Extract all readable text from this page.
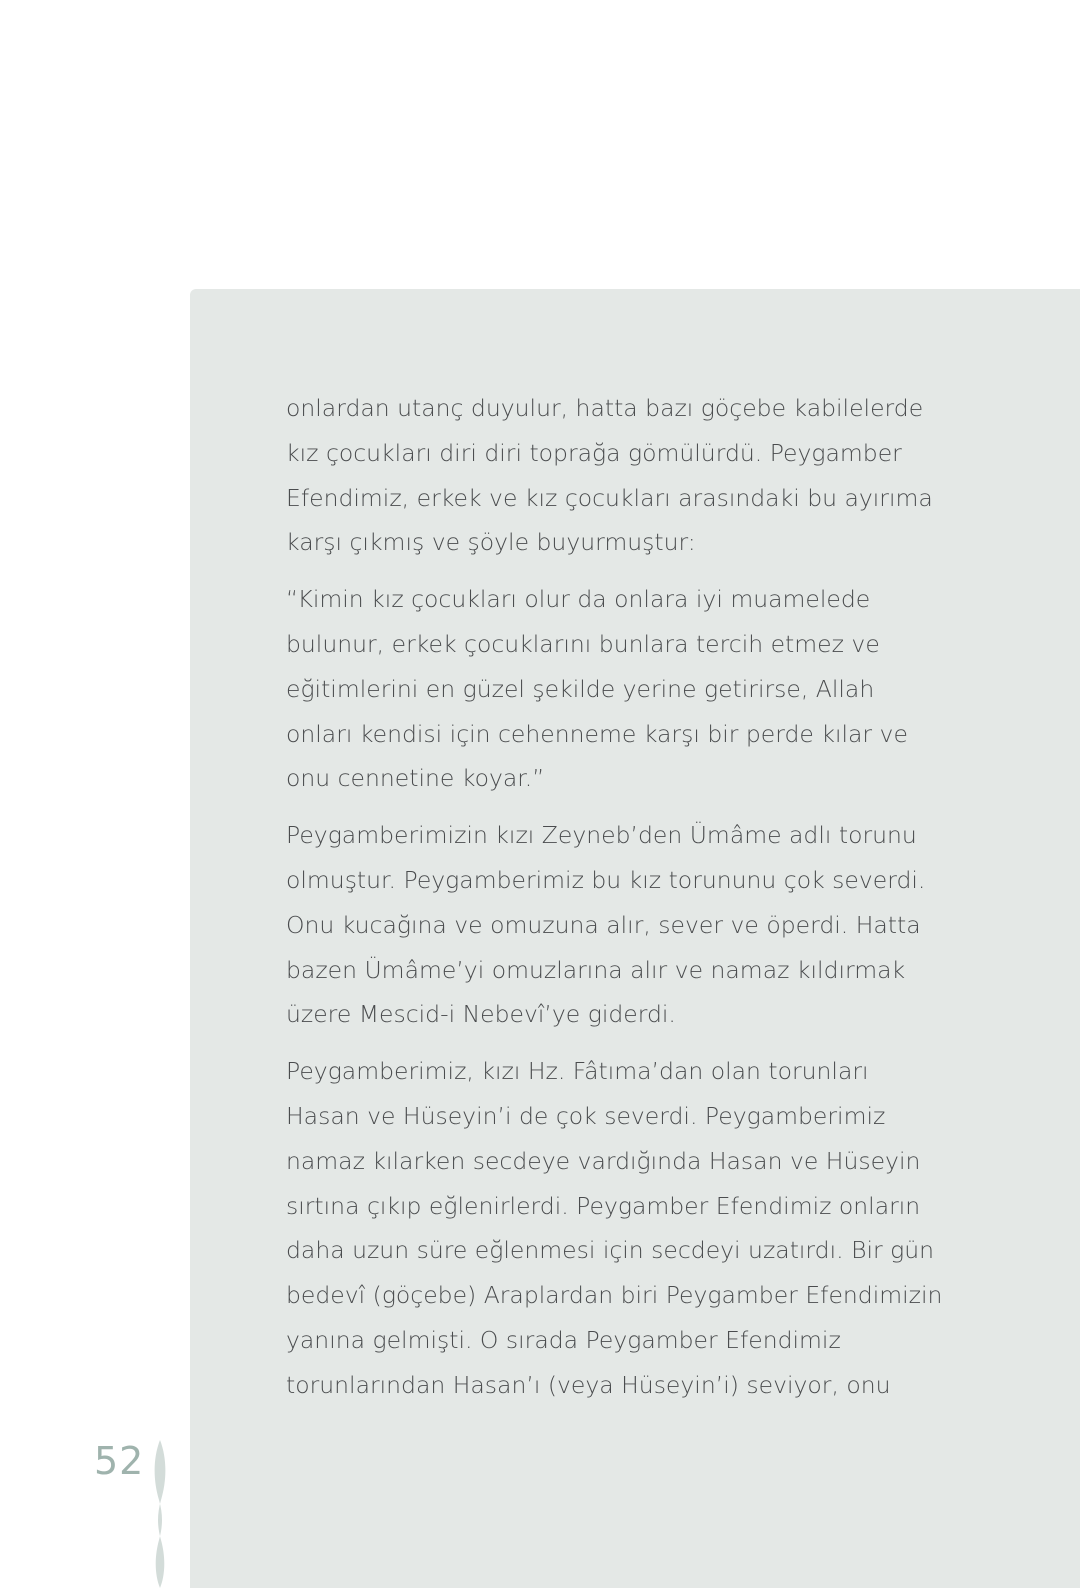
onlardan utanç duyulur, hatta bazı göçebe kabilelerde
kız çocukları diri diri toprağa gömülürdü. Peygamber
Efendimiz, erkek ve kız çocukları arasındaki bu ayırıma
karşı çıkmış ve şöyle buyurmuştur:

“Kimin kız çocukları olur da onlara iyi muamelede
bulunur, erkek çocuklarını bunlara tercih etmez ve
eğitimlerini en güzel şekilde yerine getirirse, Allah
onları kendisi için cehenneme karşı bir perde kılar ve
onu cennetine koyar.”

Peygamberimizin kızı Zeyneb’den Ümâme adlı torunu
olmuştur. Peygamberimiz bu kız torununu çok severdi.
Onu kucağına ve omuzuna alır, sever ve öperdi. Hatta
bazen Ümâme’yi omuzlarına alır ve namaz kıldırmak
üzere Mescid-i Nebevî’ye giderdi.

Peygamberimiz, kızı Hz. Fâtıma’dan olan torunları
Hasan ve Hüseyin’i de çok severdi. Peygamberimiz
namaz kılarken secdeye vardığında Hasan ve Hüseyin
sırtına çıkıp eğlenirlerdi. Peygamber Efendimiz onların
daha uzun süre eğlenmesi için secdeyi uzatırdı. Bir gün
bedevî (göçebe) Araplardan biri Peygamber Efendimizin
yanına gelmişti. O sırada Peygamber Efendimiz
torunlarından Hasan’ı (veya Hüseyin’i) seviyor, onu

52
